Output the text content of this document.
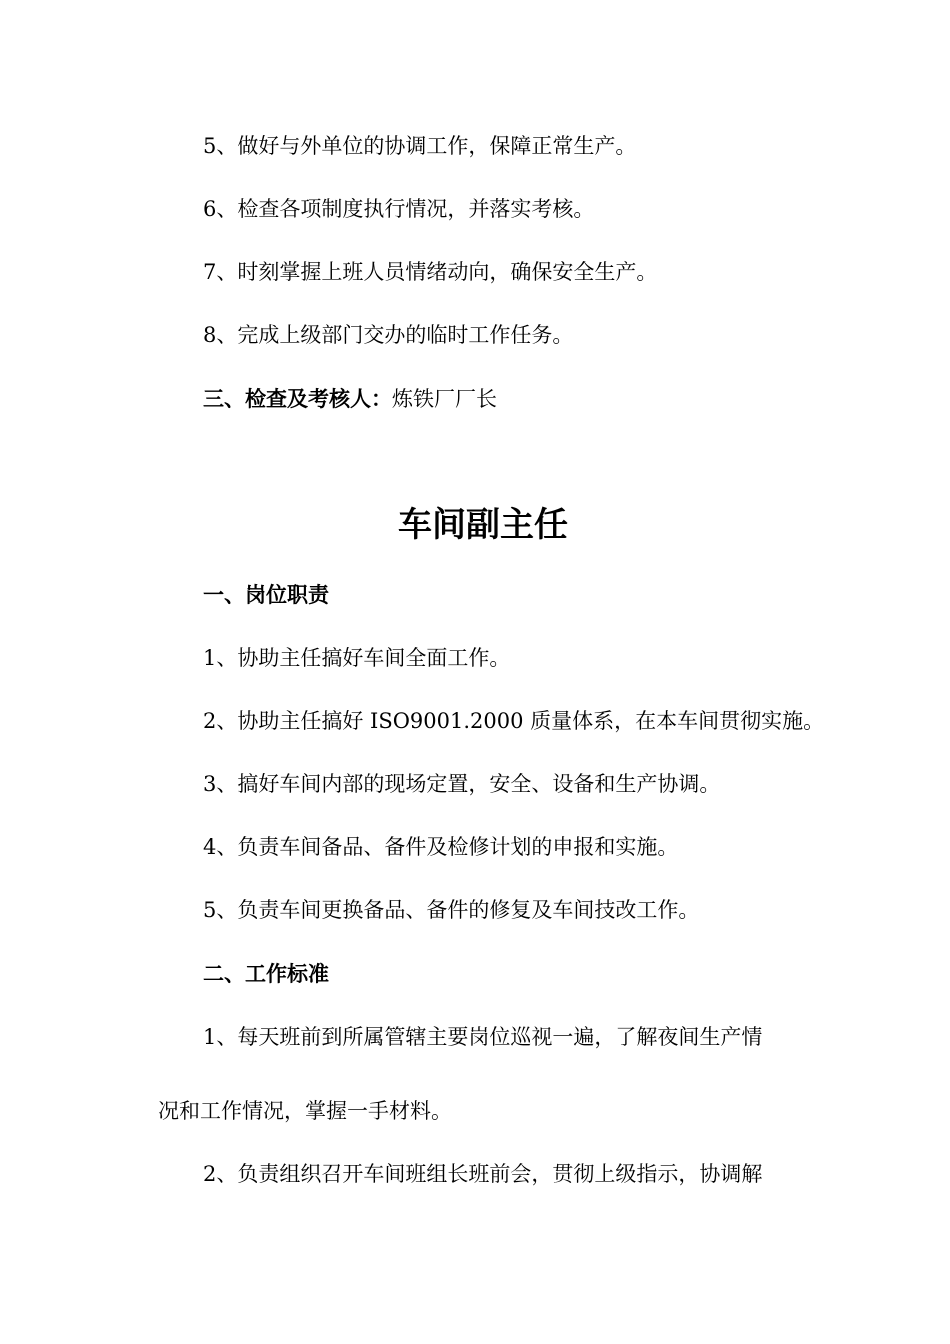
5、做好与外单位的协调工作，保障正常生产。
6、检查各项制度执行情况，并落实考核。
7、时刻掌握上班人员情绪动向，确保安全生产。
8、完成上级部门交办的临时工作任务。
三、检查及考核人：炼铁厂厂长
车间副主任
一、岗位职责
1、协助主任搞好车间全面工作。
2、协助主任搞好 ISO9001.2000 质量体系，在本车间贯彻实施。
3、搞好车间内部的现场定置，安全、设备和生产协调。
4、负责车间备品、备件及检修计划的申报和实施。
5、负责车间更换备品、备件的修复及车间技改工作。
二、工作标准
1、每天班前到所属管辖主要岗位巡视一遍，了解夜间生产情
况和工作情况，掌握一手材料。
2、负责组织召开车间班组长班前会，贯彻上级指示，协调解
